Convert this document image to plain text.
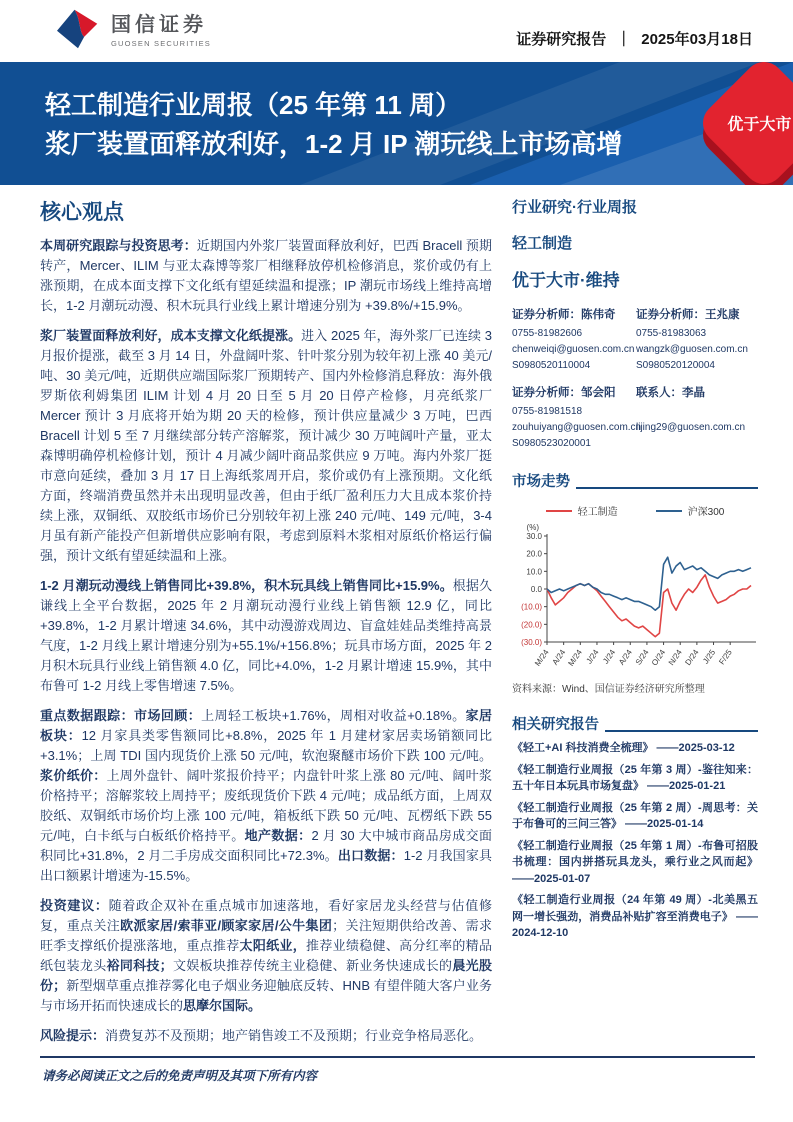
国信证券
GUOSEN SECURITIES	证券研究报告 ｜ 2025年03月18日
轻工制造行业周报（25 年第 11 周）
浆厂装置面释放利好，1-2 月 IP 潮玩线上市场高增
优于大市
核心观点

本周研究跟踪与投资思考：近期国内外浆厂装置面释放利好，巴西 Bracell 预期转产，Mercer、ILIM 与亚太森博等浆厂相继释放停机检修消息，浆价或仍有上涨预期，在成本面支撑下文化纸有望延续温和提涨；IP 潮玩市场线上维持高增长，1-2 月潮玩动漫、积木玩具行业线上累计增速分别为 +39.8%/+15.9%。

浆厂装置面释放利好，成本支撑文化纸提涨。进入 2025 年，海外浆厂已连续 3 月报价提涨，截至 3 月 14 日，外盘阔叶浆、针叶浆分别为较年初上涨 40 美元/吨、30 美元/吨，近期供应端国际浆厂预期转产、国内外检修消息释放：海外俄罗斯依利姆集团 ILIM 计划 4 月 20 日至 5 月 20 日停产检修，月亮纸浆厂 Mercer 预计 3 月底将开始为期 20 天的检修，预计供应量减少 3 万吨，巴西 Bracell 计划 5 至 7 月继续部分转产溶解浆，预计减少 30 万吨阔叶产量，亚太森博明确停机检修计划，预计 4 月减少阔叶商品浆供应 9 万吨。海内外浆厂挺市意向延续，叠加 3 月 17 日上海纸浆周开启，浆价或仍有上涨预期。文化纸方面，终端消费虽然并未出现明显改善，但由于纸厂盈利压力大且成本浆价持续上涨，双铜纸、双胶纸市场价已分别较年初上涨 240 元/吨、149 元/吨，3-4 月虽有新产能投产但新增供应影响有限，考虑到原料木浆相对原纸价格运行偏强，预计文纸有望延续温和上涨。

1-2 月潮玩动漫线上销售同比+39.8%，积木玩具线上销售同比+15.9%。根据久谦线上全平台数据，2025 年 2 月潮玩动漫行业线上销售额 12.9 亿，同比+39.8%，1-2 月累计增速 34.6%，其中动漫游戏周边、盲盒娃娃品类维持高景气度，1-2 月线上累计增速分别为+55.1%/+156.8%；玩具市场方面，2025 年 2 月积木玩具行业线上销售额 4.0 亿，同比+4.0%，1-2 月累计增速 15.9%，其中布鲁可 1-2 月线上零售增速 7.5%。

重点数据跟踪：市场回顾：上周轻工板块+1.76%，周相对收益+0.18%。家居板块：12 月家具类零售额同比+8.8%，2025 年 1 月建材家居卖场销额同比+3.1%；上周 TDI 国内现货价上涨 50 元/吨，软泡聚醚市场价下跌 100 元/吨。浆价纸价：上周外盘针、阔叶浆报价持平；内盘针叶浆上涨 80 元/吨、阔叶浆价格持平；溶解浆较上周持平；废纸现货价下跌 4 元/吨；成品纸方面，上周双胶纸、双铜纸市场价均上涨 100 元/吨，箱板纸下跌 50 元/吨、瓦楞纸下跌 55 元/吨，白卡纸与白板纸价格持平。地产数据：2 月 30 大中城市商品房成交面积同比+31.8%，2 月二手房成交面积同比+72.3%。出口数据：1-2 月我国家具出口额累计增速为-15.5%。

投资建议：随着政企双补在重点城市加速落地，看好家居龙头经营与估值修复，重点关注欧派家居/索菲亚/顾家家居/公牛集团；关注短期供给改善、需求旺季支撑纸价提涨落地，重点推荐太阳纸业，推荐业绩稳健、高分红率的精品纸包装龙头裕同科技；文娱板块推荐传统主业稳健、新业务快速成长的晨光股份；新型烟草重点推荐雾化电子烟业务迎触底反转、HNB 有望伴随大客户业务与市场开拓而快速成长的思摩尔国际。

风险提示：消费复苏不及预期；地产销售竣工不及预期；行业竞争格局恶化。

行业研究·行业周报
轻工制造
优于大市·维持
证券分析师：陈伟奇
0755-81982606
chenweiqi@guosen.com.cn
S0980520110004
证券分析师：王兆康
0755-81983063
wangzk@guosen.com.cn
S0980520120004
证券分析师：邹会阳
0755-81981518
zouhuiyang@guosen.com.cn
S0980523020001
联系人：李晶

lijing29@guosen.com.cn

市场走势
轻工制造	沪深300
(%)
30.0
20.0
10.0
0.0
(10.0)
(20.0)
(30.0)
M/24 A/24 M/24 J/24 J/24 A/24 S/24 O/24 N/24 D/24 J/25 F/25
资料来源：Wind、国信证券经济研究所整理
相关研究报告
《轻工+AI 科技消费全梳理》 ——2025-03-12
《轻工制造行业周报（25 年第 3 周）-鉴往知来：五十年日本玩具市场复盘》 ——2025-01-21
《轻工制造行业周报（25 年第 2 周）-周思考：关于布鲁可的三问三答》 ——2025-01-14
《轻工制造行业周报（25 年第 1 周）-布鲁可招股书梳理：国内拼搭玩具龙头，乘行业之风而起》 ——2025-01-07
《轻工制造行业周报（24 年第 49 周）-北美黑五网一增长强劲，消费品补贴扩容至消费电子》 ——2024-12-10
请务必阅读正文之后的免责声明及其项下所有内容
